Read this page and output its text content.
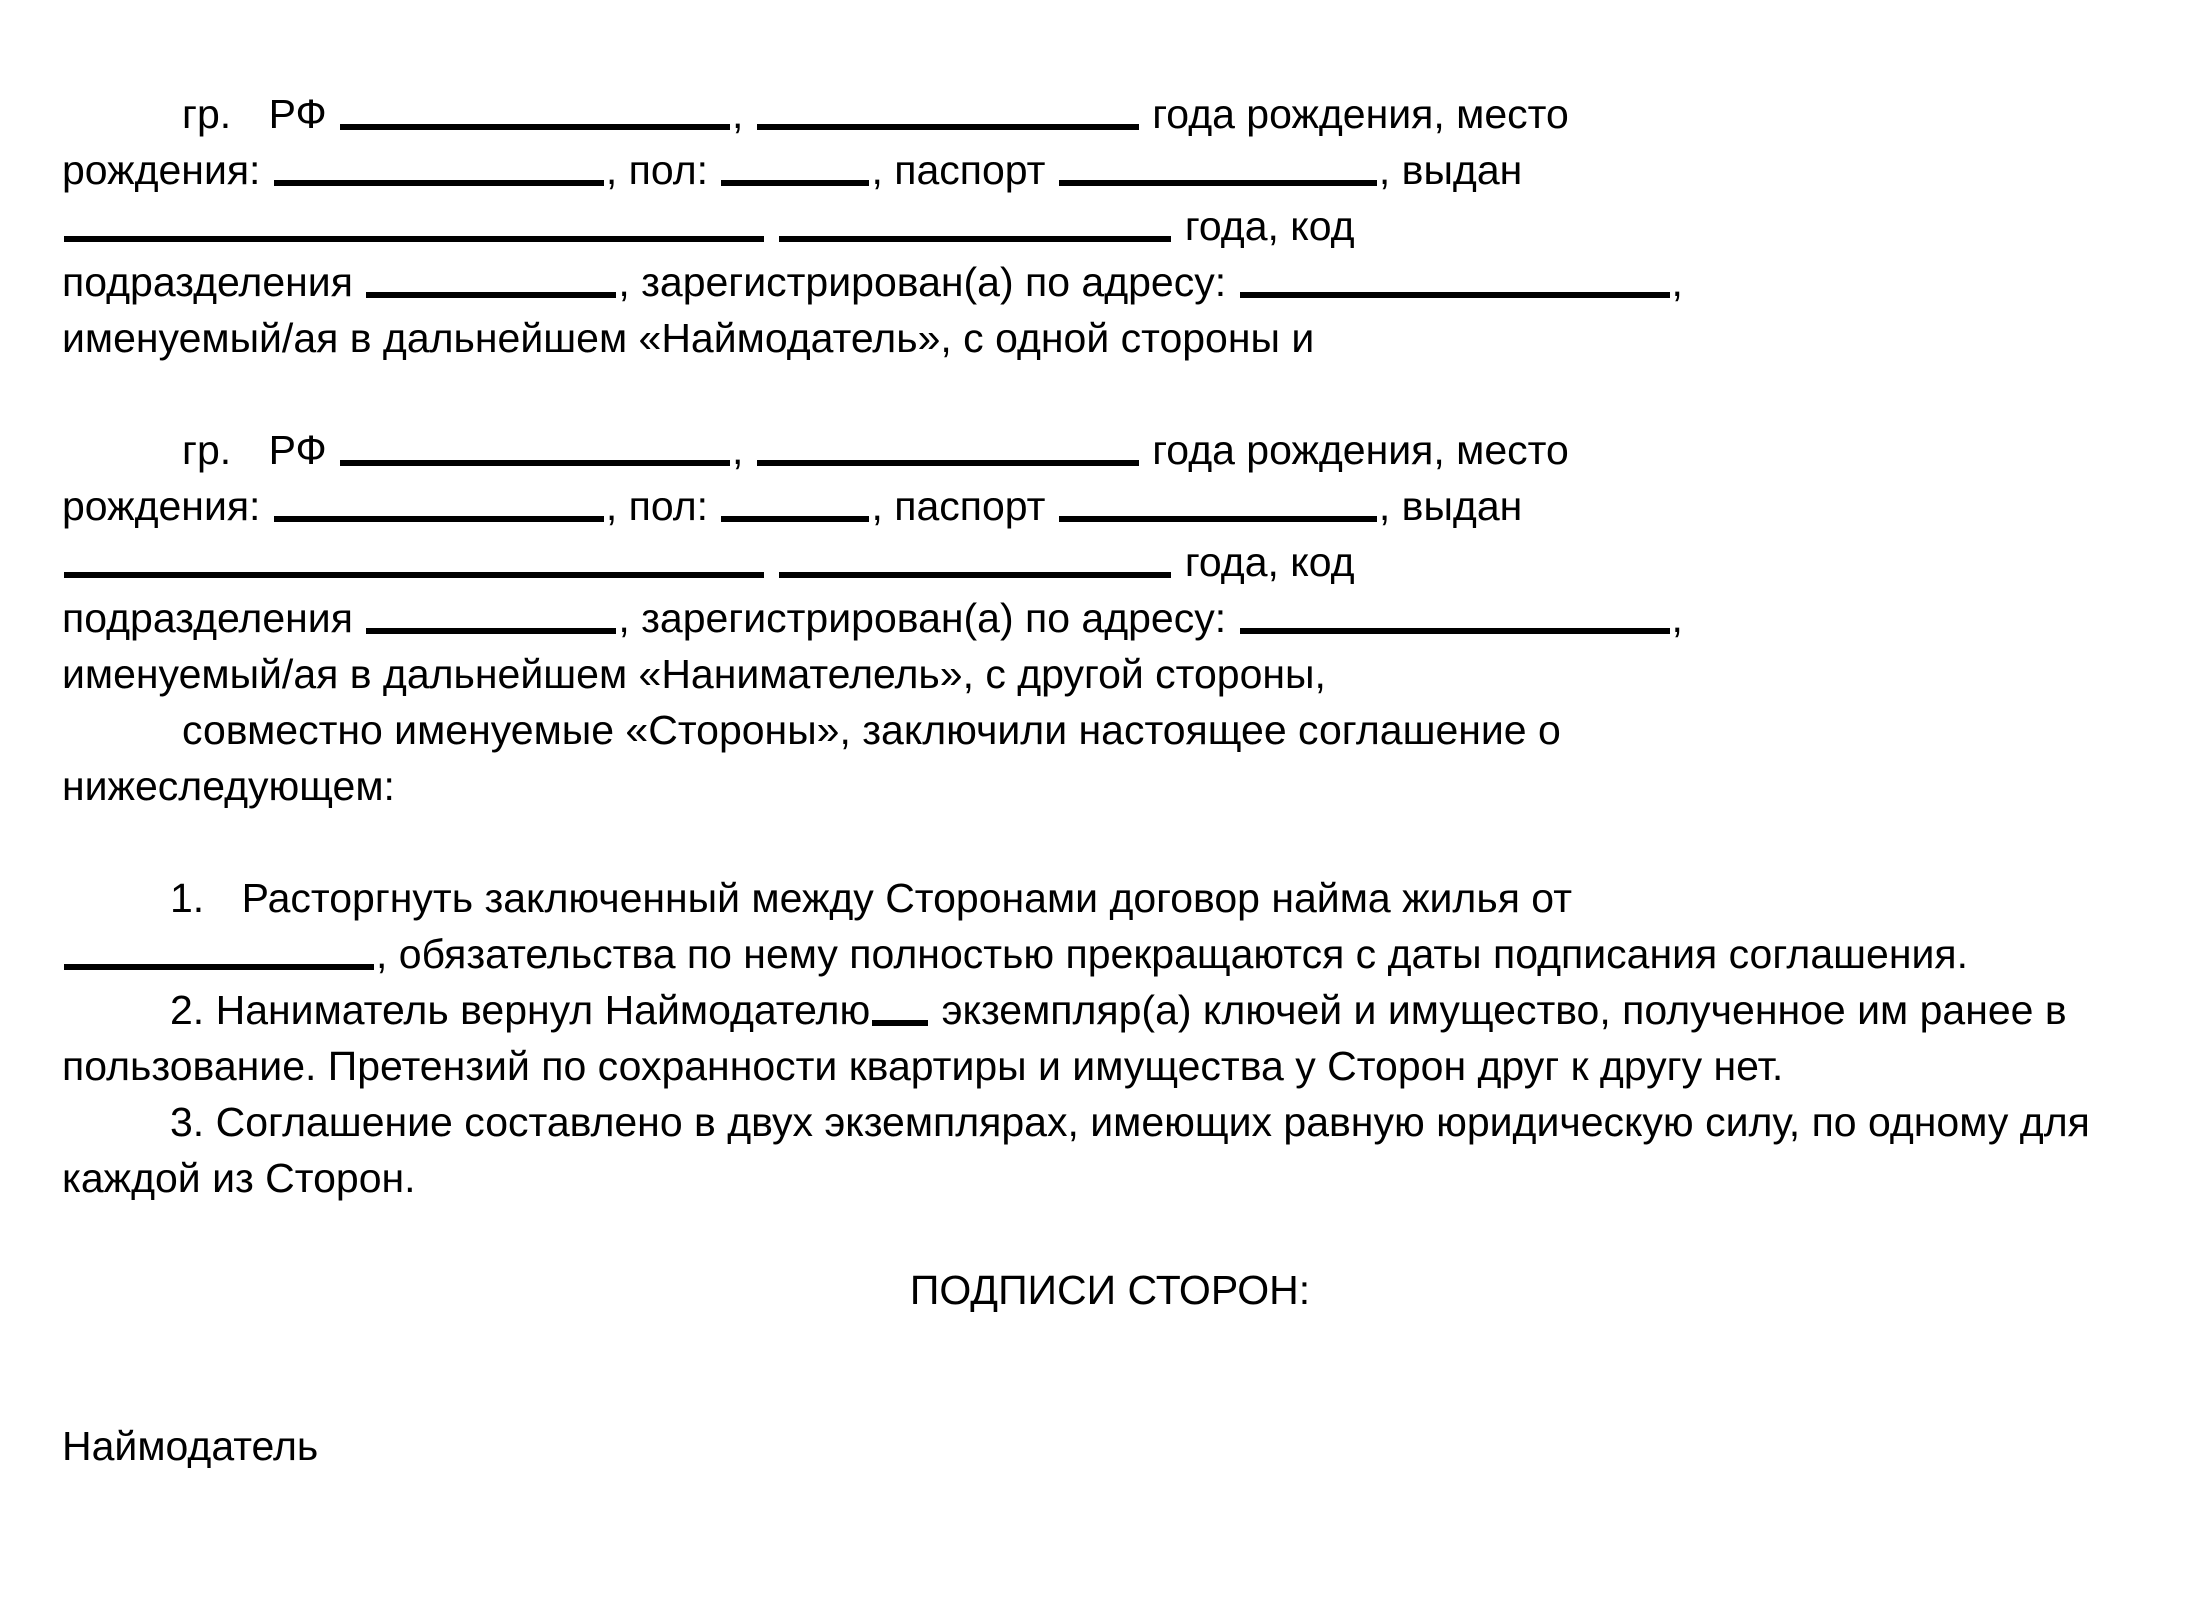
гр. РФ	,	года рождения, место
рождения:	, пол:	, паспорт	, выдан
года, код
подразделения	, зарегистрирован(а) по адресу:	,
именуемый/ая в дальнейшем «Наймодатель», с одной стороны и

гр. РФ	,	года рождения, место
рождения:	, пол:	, паспорт	, выдан
года, код
подразделения	, зарегистрирован(а) по адресу:	,
именуемый/ая в дальнейшем «Нанимателель», с другой стороны,

совместно именуемые «Стороны», заключили настоящее соглашение о
нижеследующем:

1. Расторгнуть заключенный между Сторонами договор найма жилья от
, обязательства по нему полностью прекращаются с даты подписания соглашения.

2. Наниматель вернул Наймодателю экземпляр(а) ключей и имущество, полученное им ранее в пользование. Претензий по сохранности квартиры и имущества у Сторон друг к другу нет.

3. Соглашение составлено в двух экземплярах, имеющих равную юридическую силу, по одному для каждой из Сторон.

ПОДПИСИ СТОРОН:

Наймодатель
